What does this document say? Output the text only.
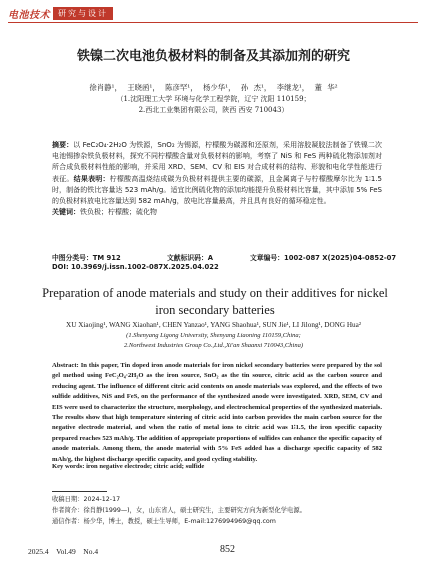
电池技术	研究与设计
铁镍二次电池负极材料的制备及其添加剂的研究
徐肖静¹， 王晓函¹， 陈彦罕¹， 杨少华¹， 孙 杰¹， 李继龙¹， 董 华²
（1.沈阳理工大学 环境与化学工程学院，辽宁 沈阳 110159；
2.西北工业集团有限公司，陕西 西安 710043）
摘要：以 FeC₂O₄·2H₂O 为铁源，SnO₂ 为锡源，柠檬酸为碳源和还原剂，采用溶胶凝胶法制备了铁镍二次电池锡掺杂铁负极材料，探究不同柠檬酸含量对负极材料的影响，考察了 NiS 和 FeS 两种硫化物添加剂对所合成负极材料性能的影响，并采用 XRD、SEM、CV 和 EIS 对合成材料的结构、形貌和电化学性能进行表征。结果表明：柠檬酸高温烧结成碳为负极材料提供主要的碳源，且金属离子与柠檬酸摩尔比为 1∶1.5 时，制备的铁比容量达 523 mAh/g。适宜比例硫化物的添加均能提升负极材料比容量，其中添加 5% FeS 的负极材料放电比容量达到 582 mAh/g，放电比容量最高，并且具有良好的循环稳定性。
关键词：铁负极；柠檬酸；硫化物
中图分类号：TM 912	文献标识码：A	文章编号：1002-087 X(2025)04-0852-07
DOI: 10.3969/j.issn.1002-087X.2025.04.022
Preparation of anode materials and study on their additives for nickel
iron secondary batteries
XU Xiaojing¹, WANG Xiaohan¹, CHEN Yanzao¹, YANG Shaohua¹, SUN Jie¹, LI Jilong¹, DONG Hua²
(1.Shenyang Ligong University, Shenyang Liaoning 110159,China;
2.Northwest Industries Group Co.,Ltd.,Xi'an Shaanxi 710043,China)
Abstract: In this paper, Tin doped iron anode materials for iron nickel secondary batteries were prepared by the sol gel method using FeC₂O₄·2H₂O as the iron source, SnO₂ as the tin source, citric acid as the carbon source and reducing agent. The influence of different citric acid contents on anode materials was explored, and the effects of two sulfide additives, NiS and FeS, on the performance of the synthesized anode were investigated. XRD, SEM, CV and EIS were used to characterize the structure, morphology, and electrochemical properties of the synthesized materials. The results show that high temperature sintering of citric acid into carbon provides the main carbon source for the negative electrode material, and when the ratio of metal ions to citric acid was 1∶1.5, the iron specific capacity prepared reaches 523 mAh/g. The addition of appropriate proportions of sulfides can enhance the specific capacity of anode materials. Among them, the anode material with 5% FeS added has a discharge specific capacity of 582 mAh/g, the highest discharge specific capacity, and good cycling stability.
Key words: iron negative electrode; citric acid; sulfide
收稿日期：2024-12-17
作者简介：徐肖静(1999—)，女，山东省人，硕士研究生，主要研究方向为新型化学电源。
通信作者：杨少华，博士，教授，硕士生导师，E-mail:1276994969@qq.com
2025.4　Vol.49　No.4	852
